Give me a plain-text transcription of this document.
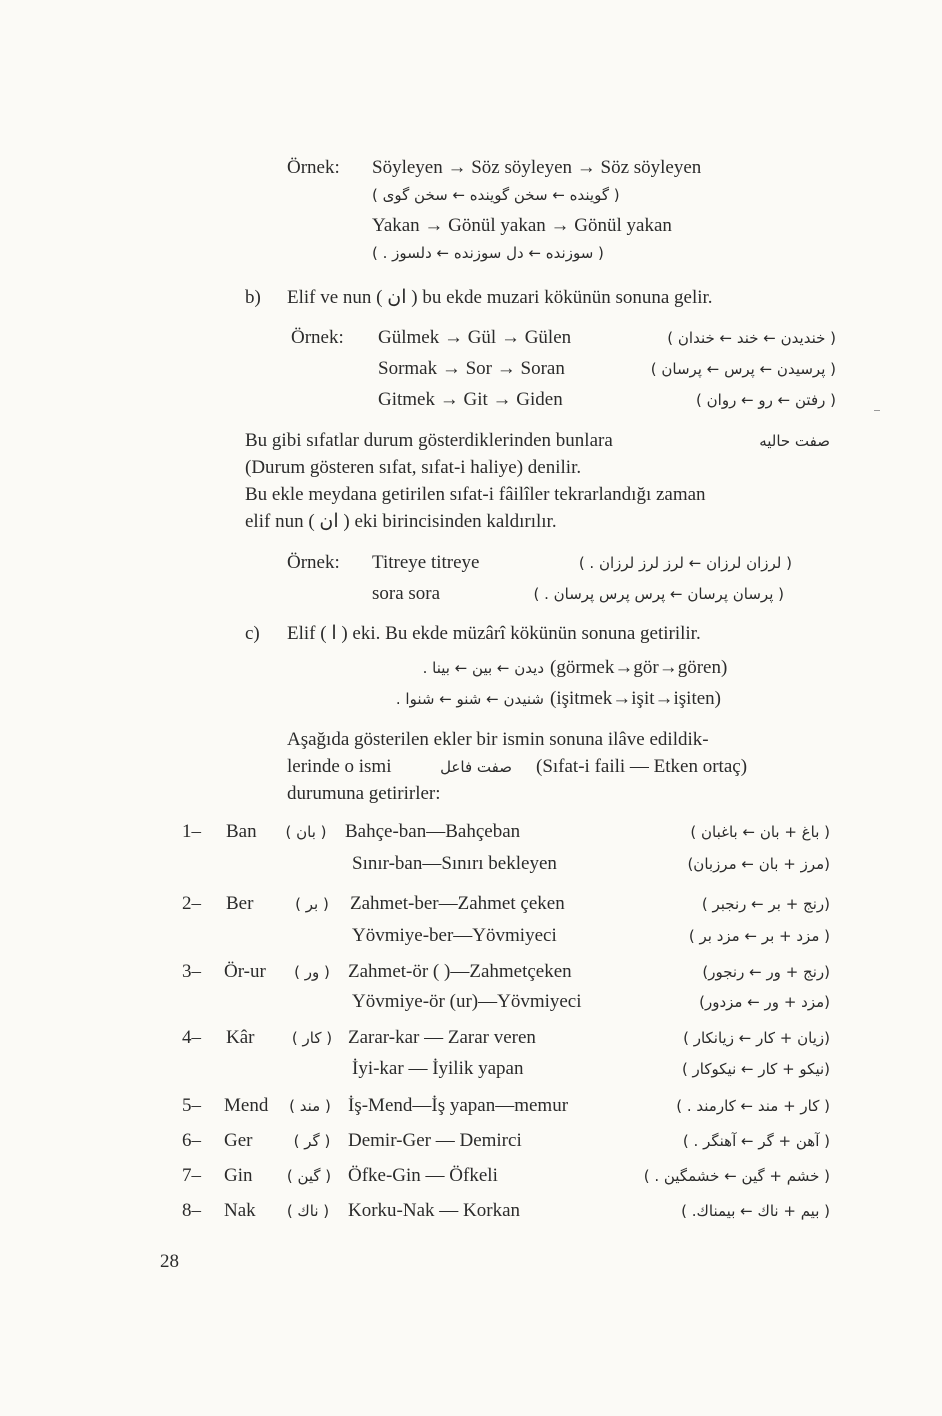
Örnek: Söyleyen → Söz söyleyen → Söz söyleyen
( گوینده ← سخن گوینده ← سخن گوی )
Yakan → Gönül yakan → Gönül yakan
( سوزنده ← دل سوزنده ← دلسوز . )
b) Elif ve nun ( ان ) bu ekde muzari kökünün sonuna gelir.
Örnek: Gülmek → Gül → Gülen	( خندیدن ← خند ← خندان )
Sormak → Sor → Soran	( پرسیدن ← پرس ← پرسان )
Gitmek → Git → Giden	( رفتن ← رو ← روان )
Bu gibi sıfatlar durum gösterdiklerinden bunlara	صفت حالیه
(Durum gösteren sıfat, sıfat-i haliye) denilir.
Bu ekle meydana getirilen sıfat-i fâilîler tekrarlandığı zaman
elif nun ( ان ) eki birincisinden kaldırılır.
Örnek: Titreye titreye	( لرزان لرزان ← لرز لرز لرزان . )
sora sora	( پرسان پرسان ← پرس پرس پرسان . )
c) Elif ( ا ) eki. Bu ekde müzârî kökünün sonuna getirilir.
دیدن ← بین ← بینا . (görmek→gör→gören)
شنیدن ← شنو ← شنوا . (işitmek→işit→işiten)
Aşağıda gösterilen ekler bir ismin sonuna ilâve edildik-
lerinde o ismi	صفت فاعل	(Sıfat-i faili — Etken ortaç)
durumuna getirirler:
1– Ban	( بان ) Bahçe-ban—Bahçeban	( باغ + بان ← باغبان )
Sınır-ban—Sınırı bekleyen	(مرز + بان ← مرزبان)
2– Ber	( بر ) Zahmet-ber—Zahmet çeken	(رنج + بر ← رنجبر )
Yövmiye-ber—Yövmiyeci	( مزد + بر ← مزد بر )
3– Ör-ur	( ور ) Zahmet-ör ( )—Zahmetçeken	(رنج + ور ← رنجور)
Yövmiye-ör (ur)—Yövmiyeci	(مزد + ور ← مزدور)
4– Kâr	( کار ) Zarar-kar — Zarar veren	(زیان + کار ← زیانکار )
İyi-kar — İyilik yapan	(نیکو + کار ← نیکوکار )
5– Mend	( مند ) İş-Mend—İş yapan—memur	( کار + مند ← کارمند . )
6– Ger	( گر ) Demir-Ger — Demirci	( آهن + گر ← آهنگر . )
7– Gin	( گین ) Öfke-Gin — Öfkeli	( خشم + گین ← خشمگین . )
8– Nak	( ناك ) Korku-Nak — Korkan	( بیم + ناك ← بیمناك. )
28
